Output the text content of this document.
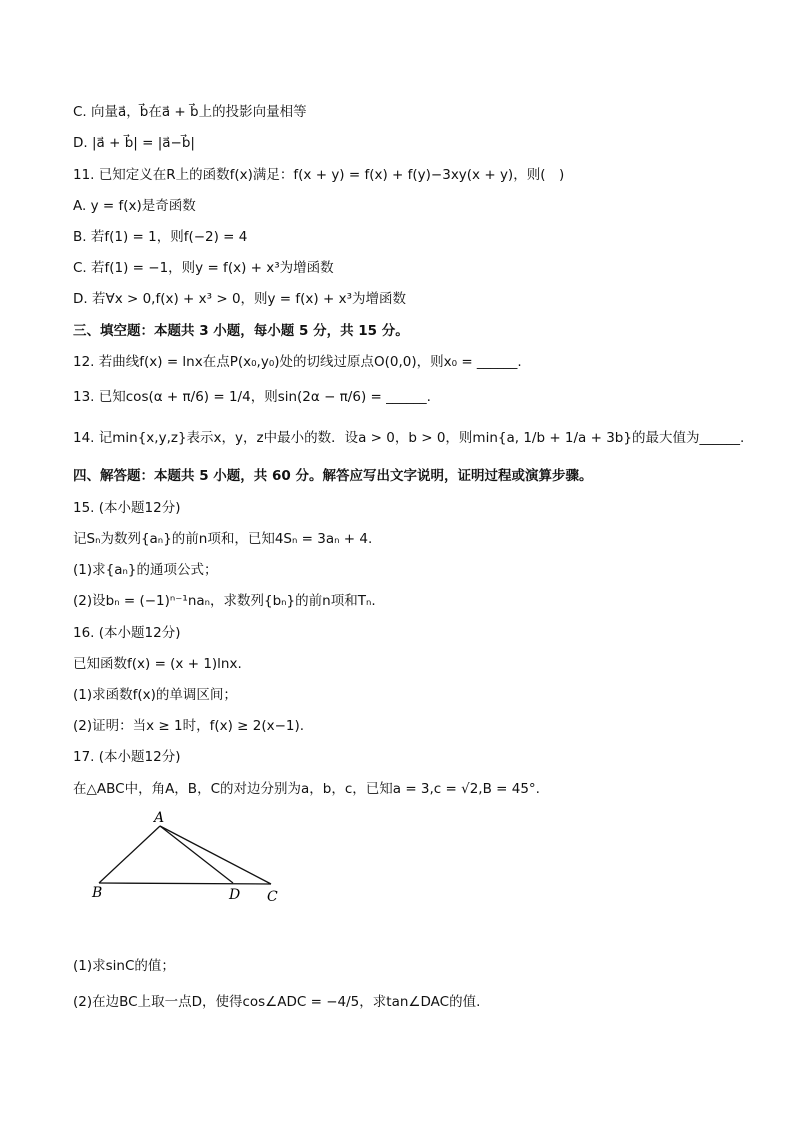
C. 向量a⃗，b⃗在a⃗ + b⃗上的投影向量相等
D. |a⃗ + b⃗| = |a⃗−b⃗|
11. 已知定义在R上的函数f(x)满足：f(x + y) = f(x) + f(y)−3xy(x + y)，则(　)
A. y = f(x)是奇函数
B. 若f(1) = 1，则f(−2) = 4
C. 若f(1) = −1，则y = f(x) + x³为增函数
D. 若∀x > 0,f(x) + x³ > 0，则y = f(x) + x³为增函数
三、填空题：本题共 3 小题，每小题 5 分，共 15 分。
12. 若曲线f(x) = lnx在点P(x₀,y₀)处的切线过原点O(0,0)，则x₀ = ______.
13. 已知cos(α + π/6) = 1/4，则sin(2α − π/6) = ______.
14. 记min{x,y,z}表示x，y，z中最小的数．设a > 0，b > 0，则min{a, 1/b + 1/a + 3b}的最大值为______.
四、解答题：本题共 5 小题，共 60 分。解答应写出文字说明，证明过程或演算步骤。
15. (本小题12分)
记Sₙ为数列{aₙ}的前n项和，已知4Sₙ = 3aₙ + 4.
(1)求{aₙ}的通项公式；
(2)设bₙ = (−1)ⁿ⁻¹naₙ，求数列{bₙ}的前n项和Tₙ.
16. (本小题12分)
已知函数f(x) = (x + 1)lnx.
(1)求函数f(x)的单调区间；
(2)证明：当x ≥ 1时，f(x) ≥ 2(x−1).
17. (本小题12分)
在△ABC中，角A，B，C的对边分别为a，b，c，已知a = 3,c = √2,B = 45°.
A
B	D C
(1)求sinC的值；
(2)在边BC上取一点D，使得cos∠ADC = −4/5，求tan∠DAC的值.
